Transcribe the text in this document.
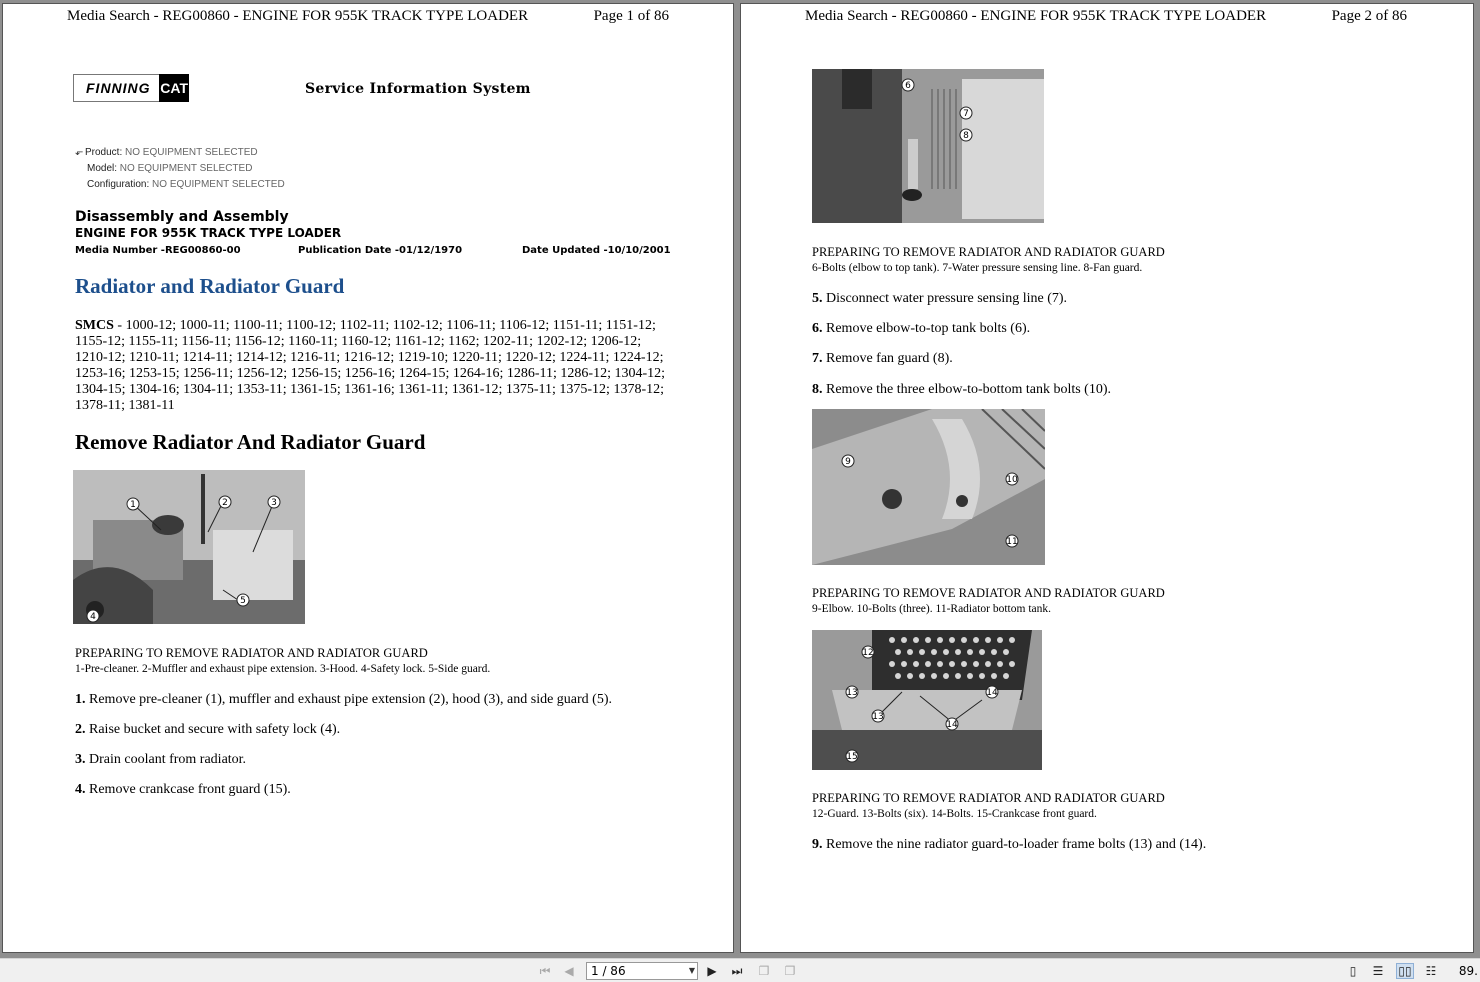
Media Search - REG00860 - ENGINE FOR 955K TRACK TYPE LOADER	Page 1 of 86
FINNING CAT	Service Information System
⬐ Product: NO EQUIPMENT SELECTED
Model: NO EQUIPMENT SELECTED
Configuration: NO EQUIPMENT SELECTED
Disassembly and Assembly
ENGINE FOR 955K TRACK TYPE LOADER
Media Number -REG00860-00	Publication Date -01/12/1970	Date Updated -10/10/2001
Radiator and Radiator Guard
SMCS - 1000-12; 1000-11; 1100-11; 1100-12; 1102-11; 1102-12; 1106-11; 1106-12; 1151-11; 1151-12; 1155-12; 1155-11; 1156-11; 1156-12; 1160-11; 1160-12; 1161-12; 1162; 1202-11; 1202-12; 1206-12; 1210-12; 1210-11; 1214-11; 1214-12; 1216-11; 1216-12; 1219-10; 1220-11; 1220-12; 1224-11; 1224-12; 1253-16; 1253-15; 1256-11; 1256-12; 1256-15; 1256-16; 1264-15; 1264-16; 1286-11; 1286-12; 1304-12; 1304-15; 1304-16; 1304-11; 1353-11; 1361-15; 1361-16; 1361-11; 1361-12; 1375-11; 1375-12; 1378-12; 1378-11; 1381-11
Remove Radiator And Radiator Guard
1	2	3
4
5
PREPARING TO REMOVE RADIATOR AND RADIATOR GUARD
1-Pre-cleaner. 2-Muffler and exhaust pipe extension. 3-Hood. 4-Safety lock. 5-Side guard.
1. Remove pre-cleaner (1), muffler and exhaust pipe extension (2), hood (3), and side guard (5).
2. Raise bucket and secure with safety lock (4).
3. Drain coolant from radiator.
4. Remove crankcase front guard (15).
Media Search - REG00860 - ENGINE FOR 955K TRACK TYPE LOADER	Page 2 of 86
6
7
8
PREPARING TO REMOVE RADIATOR AND RADIATOR GUARD
6-Bolts (elbow to top tank). 7-Water pressure sensing line. 8-Fan guard.
5. Disconnect water pressure sensing line (7).
6. Remove elbow-to-top tank bolts (6).
7. Remove fan guard (8).
8. Remove the three elbow-to-bottom tank bolts (10).
9
10
11
PREPARING TO REMOVE RADIATOR AND RADIATOR GUARD
9-Elbow. 10-Bolts (three). 11-Radiator bottom tank.
12
13
13
14
14
15
PREPARING TO REMOVE RADIATOR AND RADIATOR GUARD
12-Guard. 13-Bolts (six). 14-Bolts. 15-Crankcase front guard.
9. Remove the nine radiator guard-to-loader frame bolts (13) and (14).
⏮	◀	1 / 86	▼	▶	⏭	❐	❐	▯	☰	▯▯	☷	89.
